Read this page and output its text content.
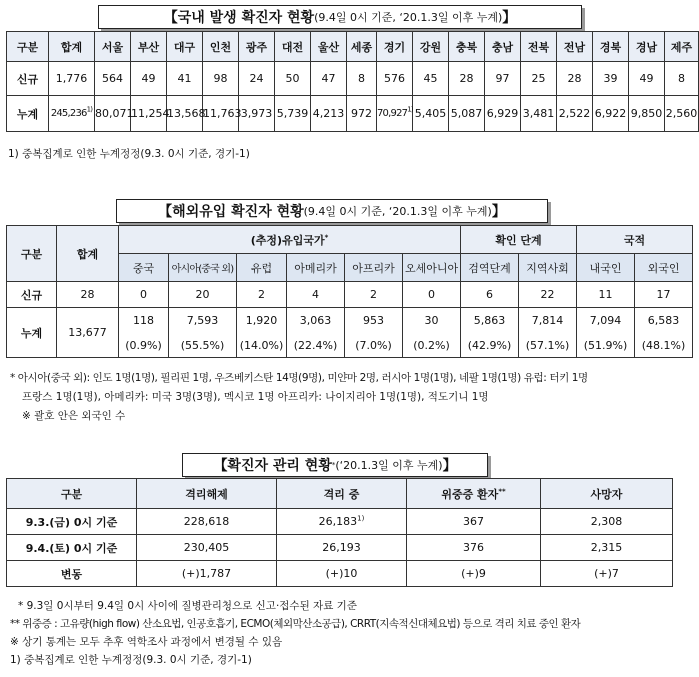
【국내 발생 확진자 현황 (9.4일 0시 기준, ‘20.1.3일 이후 누계) 】
구분	합계	서울	부산	대구	인천	광주	대전	울산	세종	경기	강원	충북	충남	전북	전남	경북	경남	제주
신규	1,776	564	49	41	98	24	50	47	8	576	45	28	97	25	28	39	49	8
누계	245,236$^{1)}$	80,071	11,254	13,568	11,763	3,973	5,739	4,213	972	70,927$^{1)}$	5,405	5,087	6,929	3,481	2,522	6,922	9,850	2,560
1) 중복집계로 인한 누계정정(9.3. 0시 기준, 경기-1)
【해외유입 확진자 현황 (9.4일 0시 기준, ‘20.1.3일 이후 누계) 】
구분	합계	(추정)유입국가*						확인 단계		국적	
		중국	아시아(중국 외)	유럽	아메리카	아프리카	오세아니아	검역단계	지역사회	내국인	외국인
신규	28	0	20	2	4	2	0	6	22	11	17
누계	13,677	118	7,593	1,920	3,063	953	30	5,863	7,814	7,094	6,583
		(0.9%)	(55.5%)	(14.0%)	(22.4%)	(7.0%)	(0.2%)	(42.9%)	(57.1%)	(51.9%)	(48.1%)
* 아시아(중국 외): 인도 1명(1명), 필리핀 1명, 우즈베키스탄 14명(9명), 미얀마 2명, 러시아 1명(1명), 네팔 1명(1명) 유럽: 터키 1명
프랑스 1명(1명), 아메리카: 미국 3명(3명), 멕시코 1명 아프리카: 나이지리아 1명(1명), 적도기니 1명
※ 괄호 안은 외국인 수
【확진자 관리 현황 * (‘20.1.3일 이후 누계) 】
구분	격리해제	격리 중	위중증 환자**	사망자
9.3.(금) 0시 기준	228,618	26,183$^{1)}$	367	2,308
9.4.(토) 0시 기준	230,405	26,193	376	2,315
변동	(+)1,787	(+)10	(+)9	(+)7
* 9.3일 0시부터 9.4일 0시 사이에 질병관리청으로 신고·접수된 자료 기준
** 위중증 : 고유량(high flow) 산소요법, 인공호흡기, ECMO(체외막산소공급), CRRT(지속적신대체요법) 등으로 격리 치료 중인 환자
※ 상기 통계는 모두 추후 역학조사 과정에서 변경될 수 있음
1) 중복집계로 인한 누계정정(9.3. 0시 기준, 경기-1)
